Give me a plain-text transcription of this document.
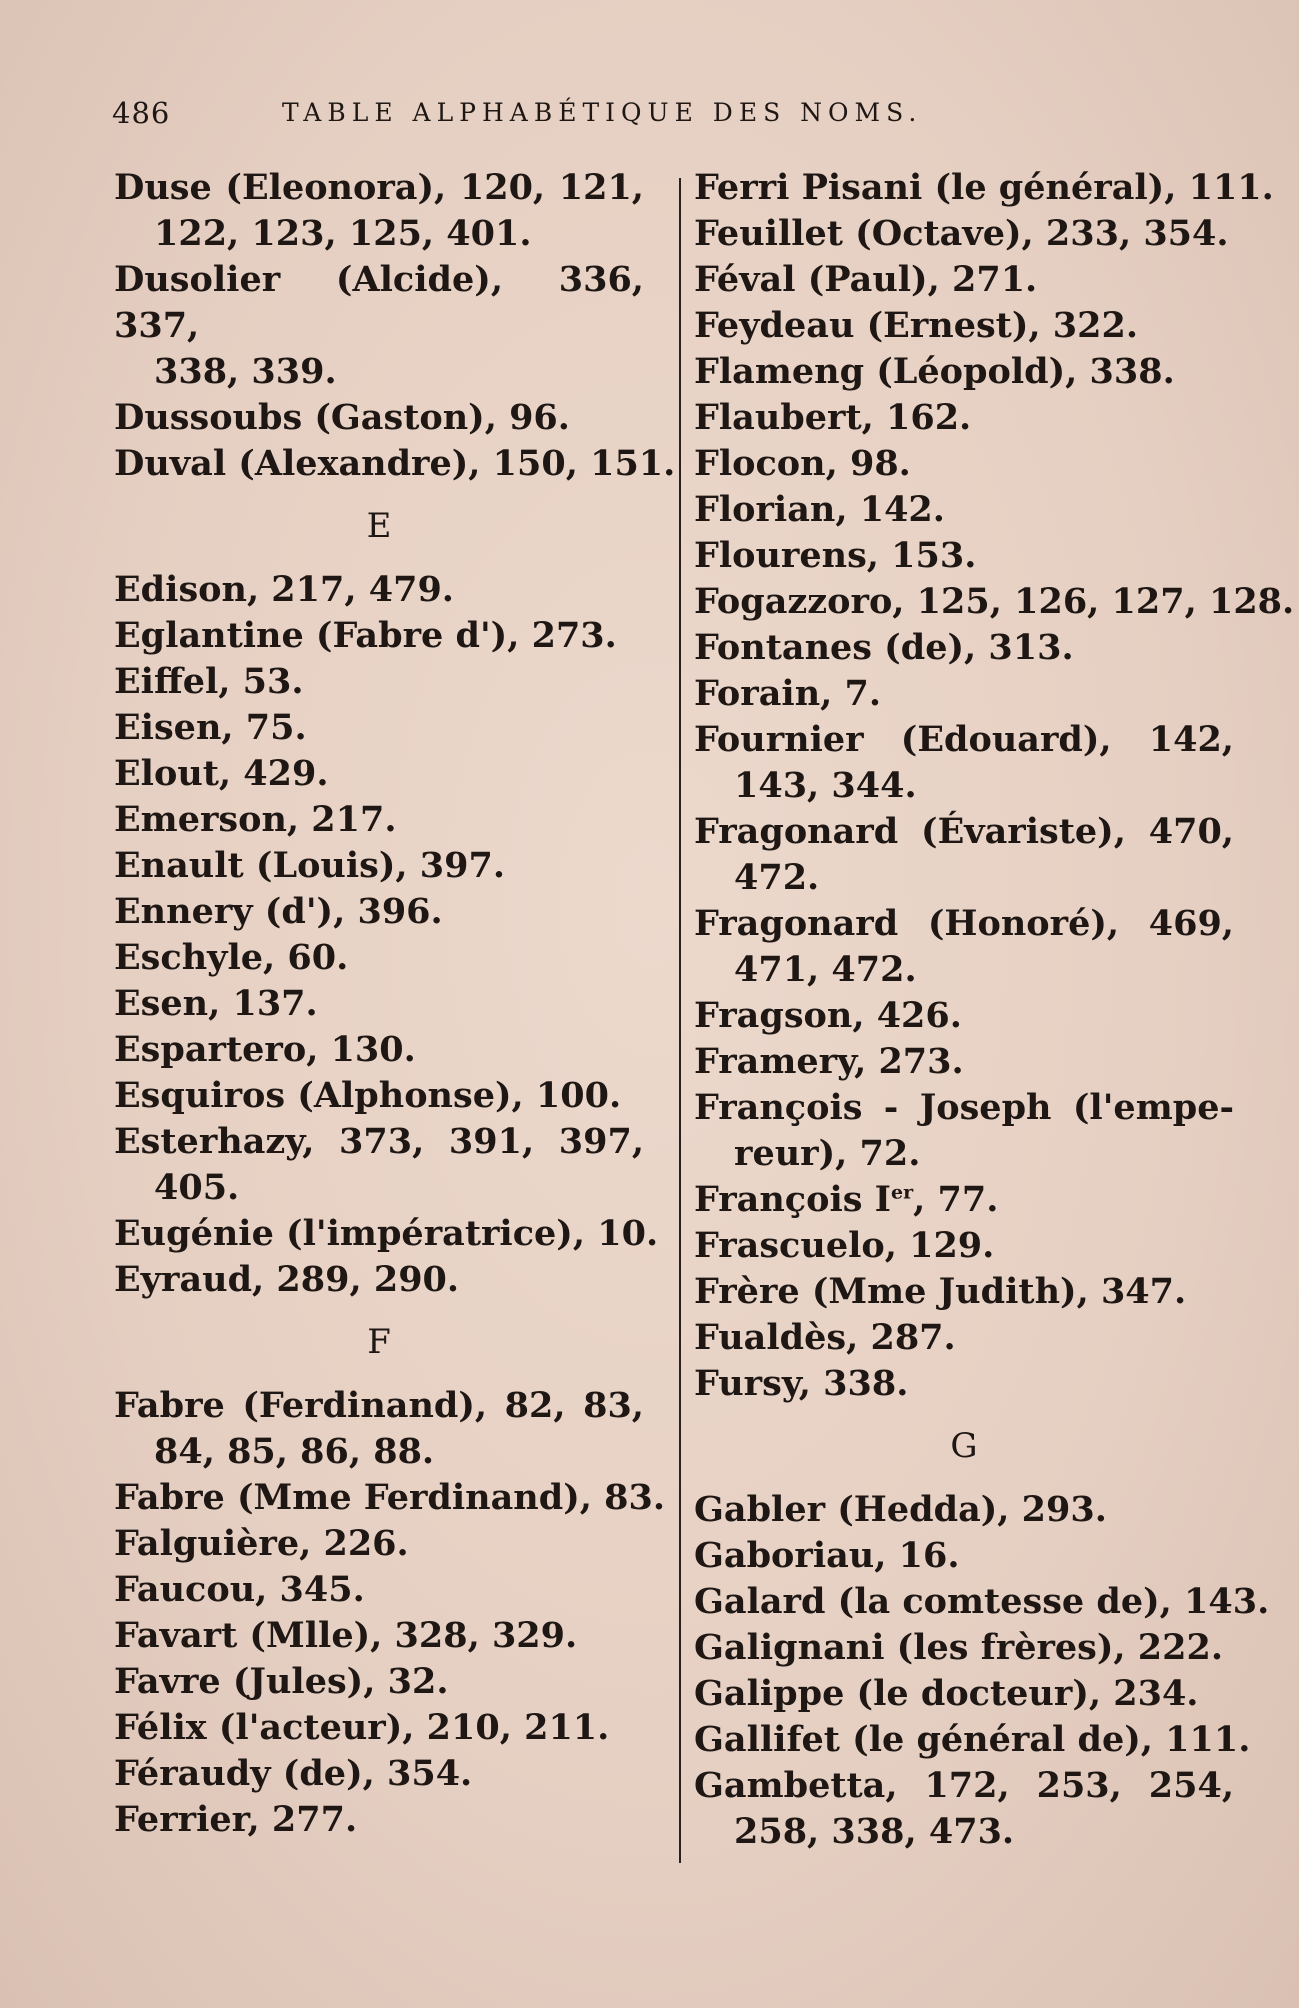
486	TABLE ALPHABÉTIQUE DES NOMS.
Duse (Eleonora), 120, 121,
122, 123, 125, 401.
Dusolier (Alcide), 336, 337,
338, 339.
Dussoubs (Gaston), 96.
Duval (Alexandre), 150, 151.
E
Edison, 217, 479.
Eglantine (Fabre d'), 273.
Eiffel, 53.
Eisen, 75.
Elout, 429.
Emerson, 217.
Enault (Louis), 397.
Ennery (d'), 396.
Eschyle, 60.
Esen, 137.
Espartero, 130.
Esquiros (Alphonse), 100.
Esterhazy, 373, 391, 397,
405.
Eugénie (l'impératrice), 10.
Eyraud, 289, 290.
F
Fabre (Ferdinand), 82, 83,
84, 85, 86, 88.
Fabre (Mme Ferdinand), 83.
Falguière, 226.
Faucou, 345.
Favart (Mlle), 328, 329.
Favre (Jules), 32.
Félix (l'acteur), 210, 211.
Féraudy (de), 354.
Ferrier, 277.
Ferri Pisani (le général), 111.
Feuillet (Octave), 233, 354.
Féval (Paul), 271.
Feydeau (Ernest), 322.
Flameng (Léopold), 338.
Flaubert, 162.
Flocon, 98.
Florian, 142.
Flourens, 153.
Fogazzoro, 125, 126, 127, 128.
Fontanes (de), 313.
Forain, 7.
Fournier (Edouard), 142,
143, 344.
Fragonard (Évariste), 470,
472.
Fragonard (Honoré), 469,
471, 472.
Fragson, 426.
Framery, 273.
François - Joseph (l'empe-
reur), 72.
François Ier, 77.
Frascuelo, 129.
Frère (Mme Judith), 347.
Fualdès, 287.
Fursy, 338.
G
Gabler (Hedda), 293.
Gaboriau, 16.
Galard (la comtesse de), 143.
Galignani (les frères), 222.
Galippe (le docteur), 234.
Gallifet (le général de), 111.
Gambetta, 172, 253, 254,
258, 338, 473.
